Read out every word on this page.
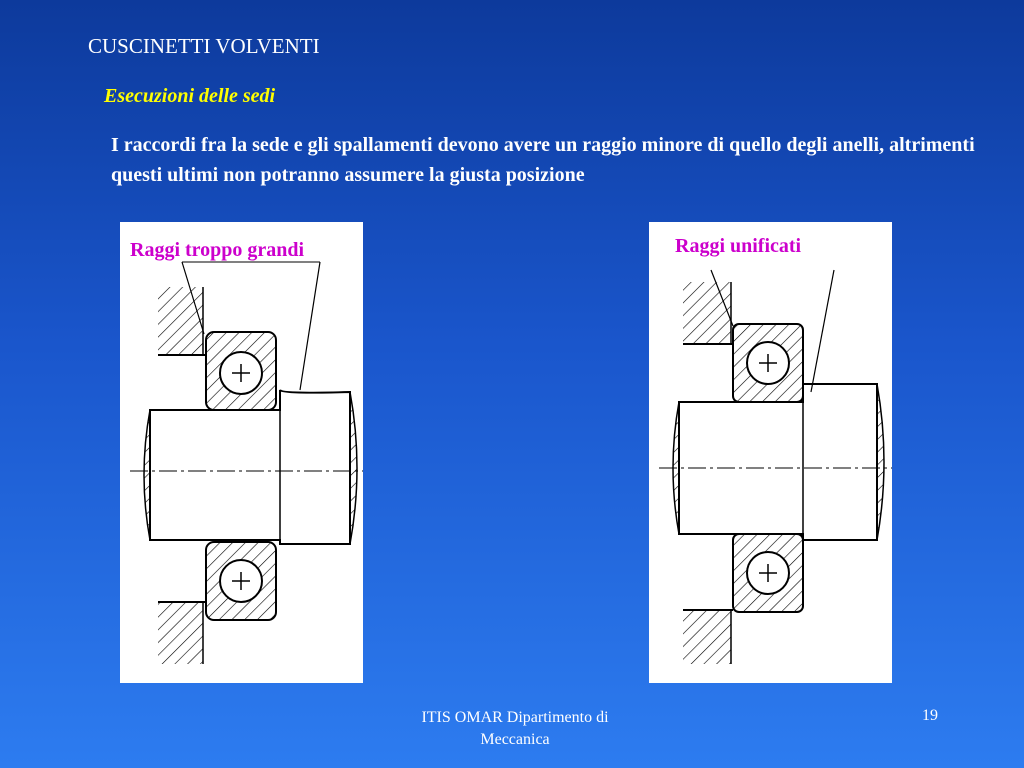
CUSCINETTI VOLVENTI
Esecuzioni delle sedi
I raccordi fra la sede e gli spallamenti devono avere un raggio minore di quello degli anelli, altrimenti questi ultimi non potranno assumere la giusta posizione
Raggi troppo grandi	Raggi unificati
ITIS OMAR Dipartimento di Meccanica
19
